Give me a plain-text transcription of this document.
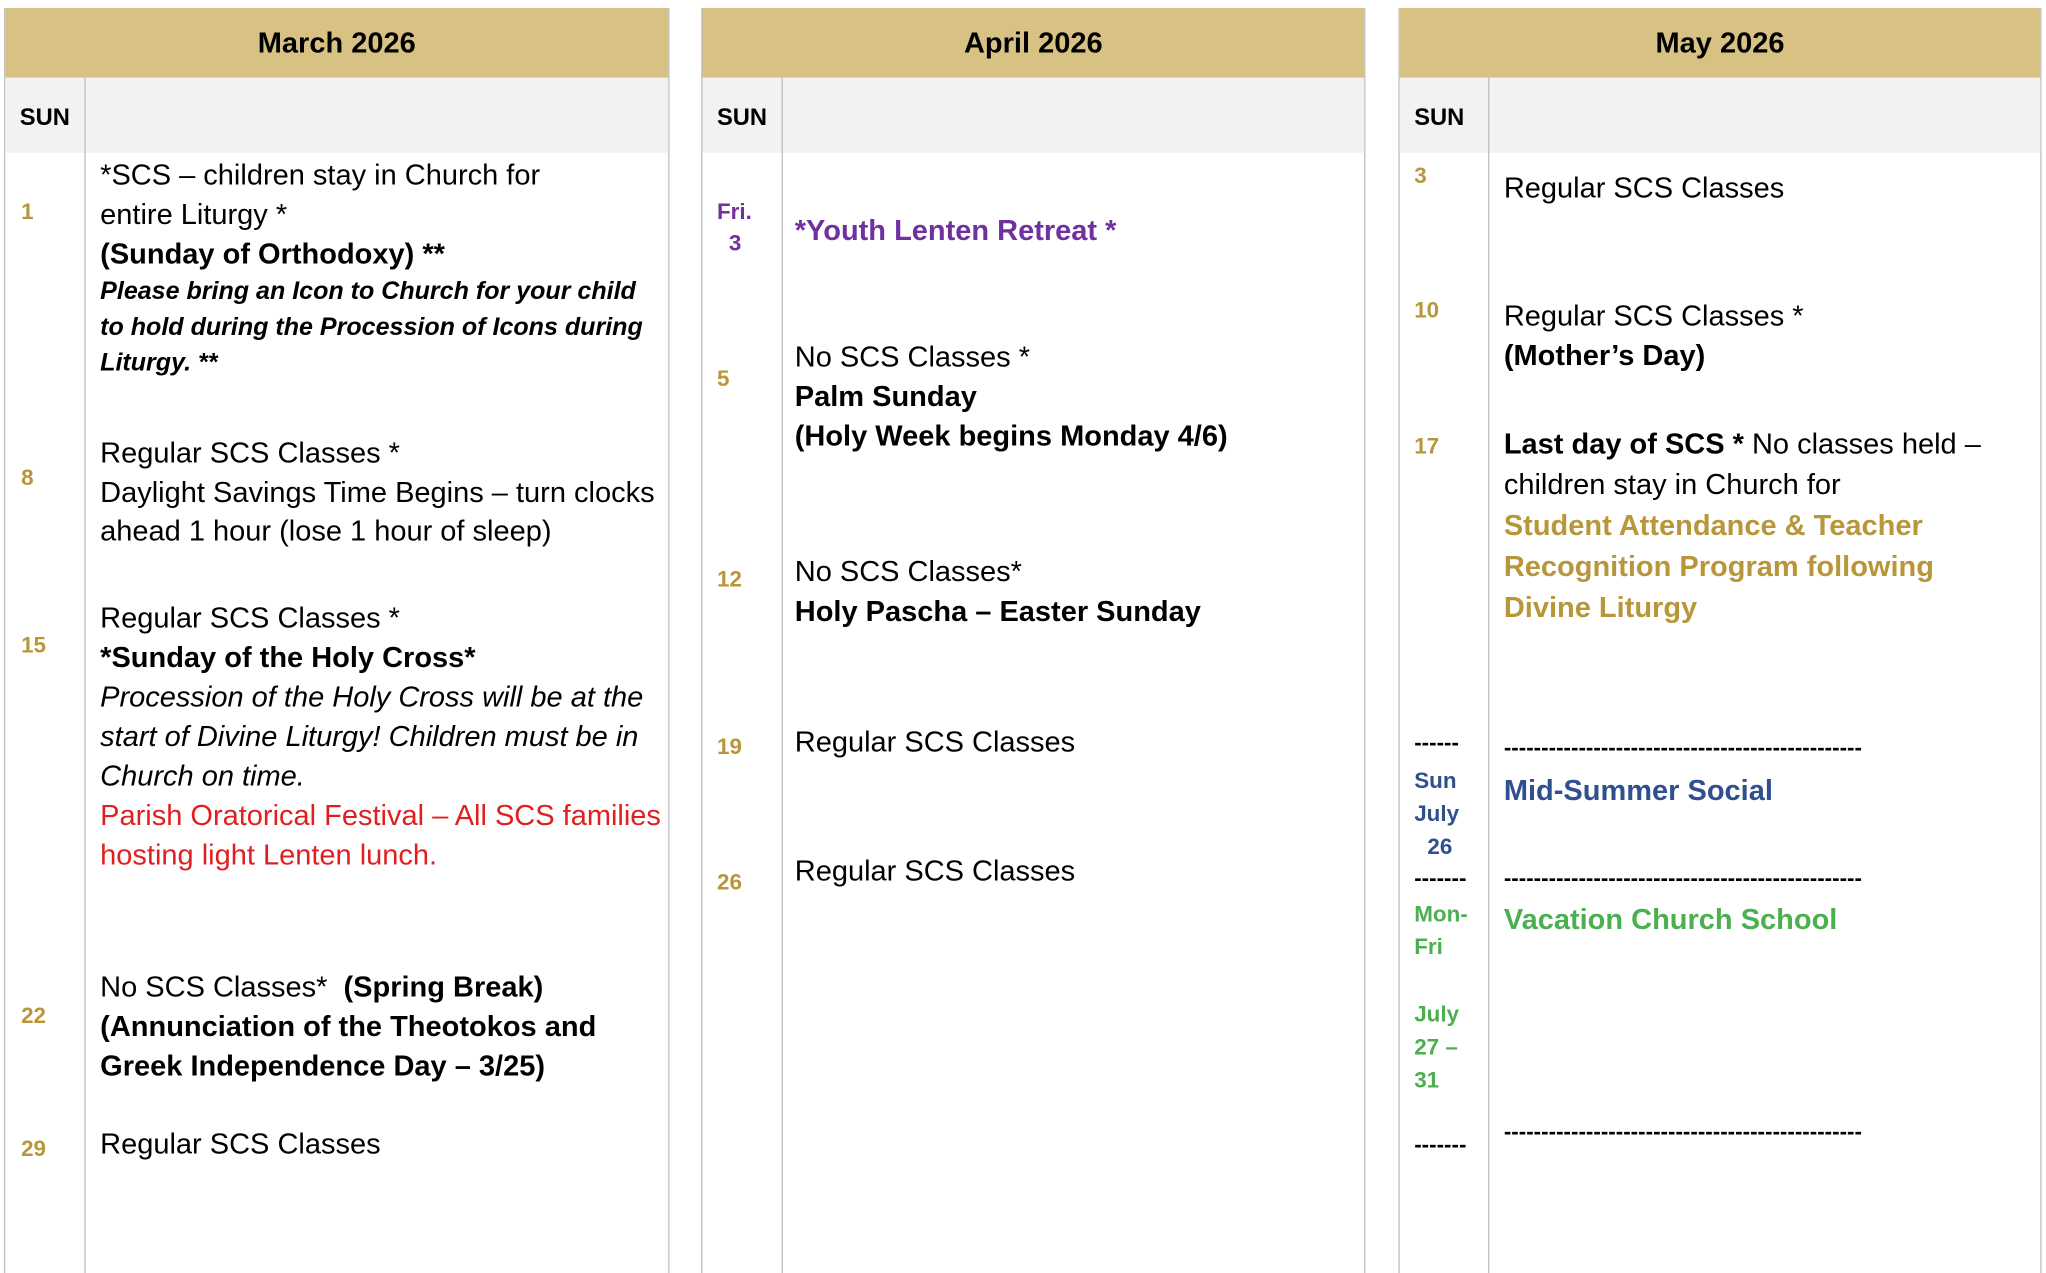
March 2026
SUN
1
8
15
22
29
*SCS – children stay in Church for
entire Liturgy *
(Sunday of Orthodoxy) **
Please bring an Icon to Church for your child
to hold during the Procession of Icons during
Liturgy. **
Regular SCS Classes *
Daylight Savings Time Begins – turn clocks
ahead 1 hour (lose 1 hour of sleep)
Regular SCS Classes *
*Sunday of the Holy Cross*
Procession of the Holy Cross will be at the
start of Divine Liturgy! Children must be in
Church on time.
Parish Oratorical Festival – All SCS families
hosting light Lenten lunch.
No SCS Classes* (Spring Break)
(Annunciation of the Theotokos and
Greek Independence Day – 3/25)
Regular SCS Classes
April 2026
SUN
Fri.
3
5
12
19
26
*Youth Lenten Retreat *
No SCS Classes *
Palm Sunday
(Holy Week begins Monday 4/6)
No SCS Classes*
Holy Pascha – Easter Sunday
Regular SCS Classes
Regular SCS Classes
May 2026
SUN
3
10
17
Regular SCS Classes
Regular SCS Classes *
(Mother’s Day)
Last day of SCS * No classes held –
children stay in Church for
Student Attendance & Teacher
Recognition Program following
Divine Liturgy
------	------------------------------------------------
Sun
July
26
Mid-Summer Social
------- ------------------------------------------------
Mon-
Fri
July
27 –
31
Vacation Church School
-------
------------------------------------------------
